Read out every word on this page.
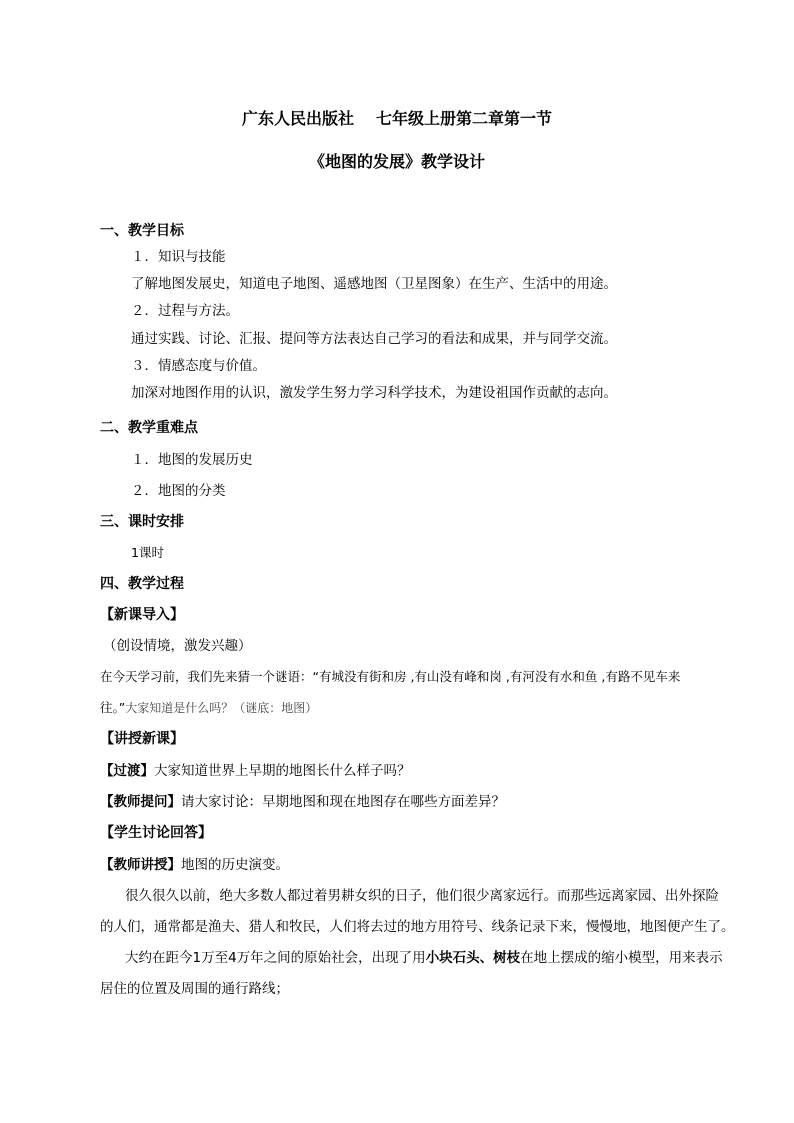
广东人民出版社 七年级上册第二章第一节
《地图的发展》教学设计
一、教学目标
１．知识与技能
了解地图发展史，知道电子地图、遥感地图（卫星图象）在生产、生活中的用途。
２．过程与方法。
通过实践、讨论、汇报、提问等方法表达自己学习的看法和成果，并与同学交流。
３．情感态度与价值。
加深对地图作用的认识，激发学生努力学习科学技术，为建设祖国作贡献的志向。
二、教学重难点
１．地图的发展历史
２．地图的分类
三、课时安排
1课时
四、教学过程
【新课导入】
（创设情境，激发兴趣）
在今天学习前，我们先来猜一个谜语：“有城没有街和房 ,有山没有峰和岗 ,有河没有水和鱼 ,有路不见车来
往。”大家知道是什么吗？（谜底：地图）
【讲授新课】
【过渡】大家知道世界上早期的地图长什么样子吗？
【教师提问】请大家讨论：早期地图和现在地图存在哪些方面差异？
【学生讨论回答】
【教师讲授】地图的历史演变。
很久很久以前，绝大多数人都过着男耕女织的日子，他们很少离家远行。而那些远离家园、出外探险
的人们，通常都是渔夫、猎人和牧民，人们将去过的地方用符号、线条记录下来，慢慢地，地图便产生了。
大约在距今1万至4万年之间的原始社会，出现了用小块石头、树枝在地上摆成的缩小模型，用来表示
居住的位置及周围的通行路线；
